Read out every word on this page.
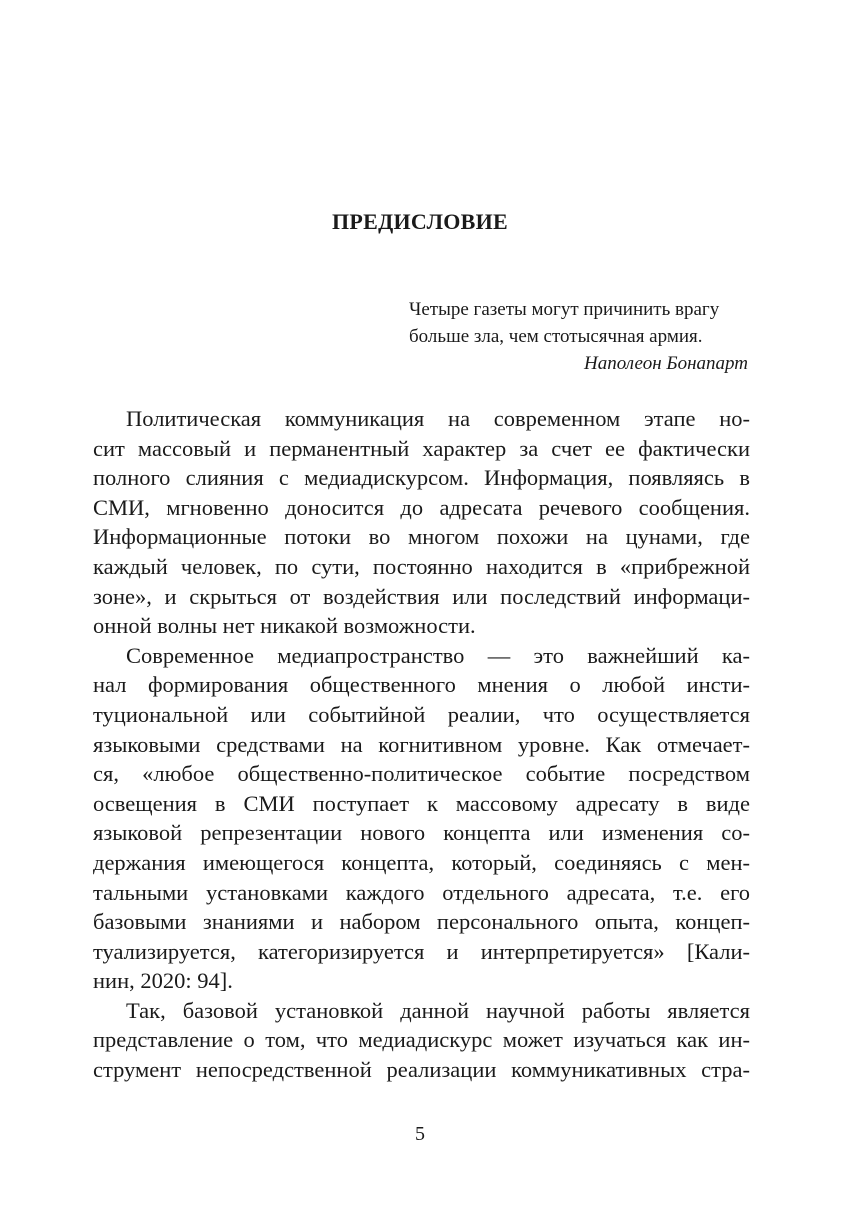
ПРЕДИСЛОВИЕ
Четыре газеты могут причинить врагу
больше зла, чем стотысячная армия.
Наполеон Бонапарт
Политическая коммуникация на современном этапе но-
сит массовый и перманентный характер за счет ее фактически
полного слияния с медиадискурсом. Информация, появляясь в
СМИ, мгновенно доносится до адресата речевого сообщения.
Информационные потоки во многом похожи на цунами, где
каждый человек, по сути, постоянно находится в «прибрежной
зоне», и скрыться от воздействия или последствий информаци-
онной волны нет никакой возможности.
Современное медиапространство — это важнейший ка-
нал формирования общественного мнения о любой инсти-
туциональной или событийной реалии, что осуществляется
языковыми средствами на когнитивном уровне. Как отмечает-
ся, «любое общественно-политическое событие посредством
освещения в СМИ поступает к массовому адресату в виде
языковой репрезентации нового концепта или изменения со-
держания имеющегося концепта, который, соединяясь с мен-
тальными установками каждого отдельного адресата, т.е. его
базовыми знаниями и набором персонального опыта, концеп-
туализируется, категоризируется и интерпретируется» [Кали-
нин, 2020: 94].
Так, базовой установкой данной научной работы является
представление о том, что медиадискурс может изучаться как ин-
струмент непосредственной реализации коммуникативных стра-
5
